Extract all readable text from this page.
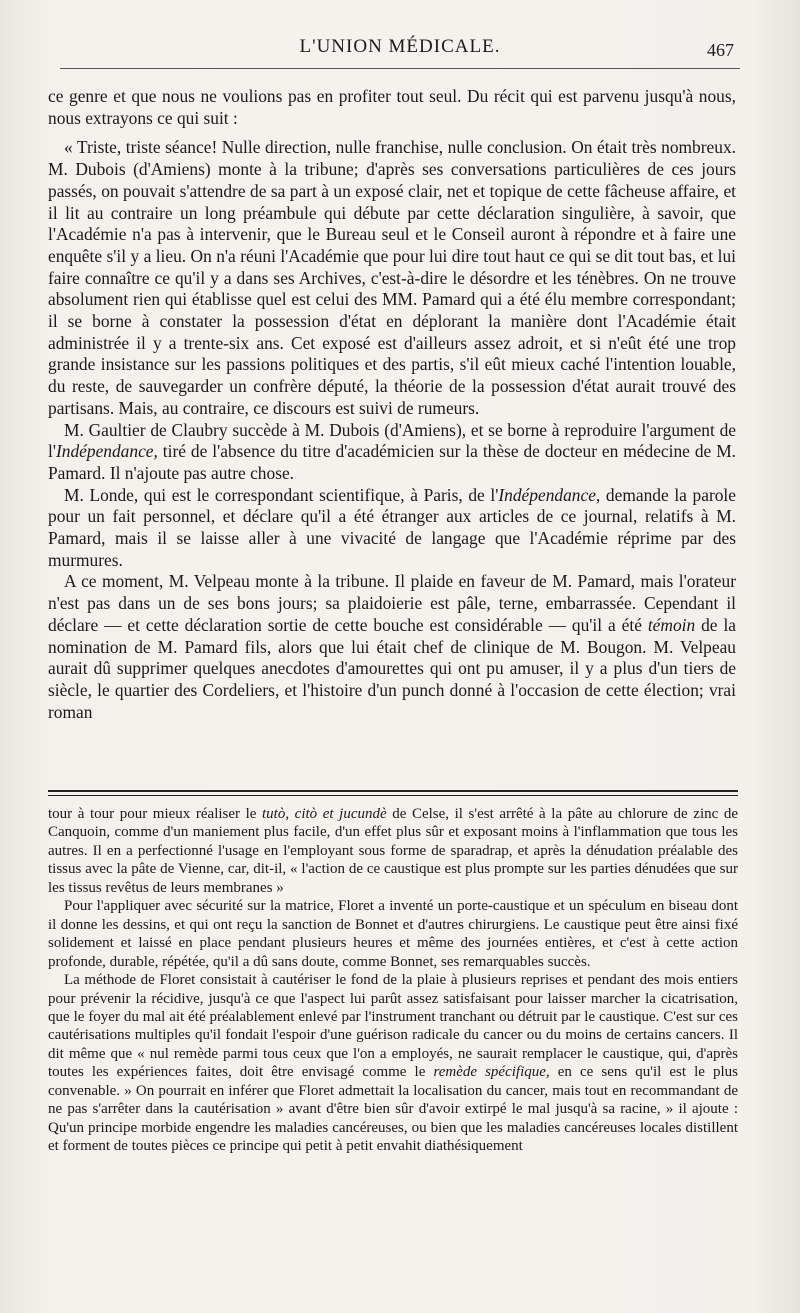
L'UNION MÉDICALE.	467

ce genre et que nous ne voulions pas en profiter tout seul. Du récit qui est parvenu jusqu'à nous, nous extrayons ce qui suit :

« Triste, triste séance! Nulle direction, nulle franchise, nulle conclusion. On était très nombreux. M. Dubois (d'Amiens) monte à la tribune; d'après ses conversations particulières de ces jours passés, on pouvait s'attendre de sa part à un exposé clair, net et topique de cette fâcheuse affaire, et il lit au contraire un long préambule qui débute par cette déclaration singulière, à savoir, que l'Académie n'a pas à intervenir, que le Bureau seul et le Conseil auront à répondre et à faire une enquête s'il y a lieu. On n'a réuni l'Académie que pour lui dire tout haut ce qui se dit tout bas, et lui faire connaître ce qu'il y a dans ses Archives, c'est-à-dire le désordre et les ténèbres. On ne trouve absolument rien qui établisse quel est celui des MM. Pamard qui a été élu membre correspondant; il se borne à constater la possession d'état en déplorant la manière dont l'Académie était administrée il y a trente-six ans. Cet exposé est d'ailleurs assez adroit, et si n'eût été une trop grande insistance sur les passions politiques et des partis, s'il eût mieux caché l'intention louable, du reste, de sauvegarder un confrère député, la théorie de la possession d'état aurait trouvé des partisans. Mais, au contraire, ce discours est suivi de rumeurs.

M. Gaultier de Claubry succède à M. Dubois (d'Amiens), et se borne à reproduire l'argument de l'Indépendance, tiré de l'absence du titre d'académicien sur la thèse de docteur en médecine de M. Pamard. Il n'ajoute pas autre chose.

M. Londe, qui est le correspondant scientifique, à Paris, de l'Indépendance, demande la parole pour un fait personnel, et déclare qu'il a été étranger aux articles de ce journal, relatifs à M. Pamard, mais il se laisse aller à une vivacité de langage que l'Académie réprime par des murmures.

A ce moment, M. Velpeau monte à la tribune. Il plaide en faveur de M. Pamard, mais l'orateur n'est pas dans un de ses bons jours; sa plaidoierie est pâle, terne, embarrassée. Cependant il déclare — et cette déclaration sortie de cette bouche est considérable — qu'il a été témoin de la nomination de M. Pamard fils, alors que lui était chef de clinique de M. Bougon. M. Velpeau aurait dû supprimer quelques anecdotes d'amourettes qui ont pu amuser, il y a plus d'un tiers de siècle, le quartier des Cordeliers, et l'histoire d'un punch donné à l'occasion de cette élection; vrai roman

tour à tour pour mieux réaliser le tutò, citò et jucundè de Celse, il s'est arrêté à la pâte au chlorure de zinc de Canquoin, comme d'un maniement plus facile, d'un effet plus sûr et exposant moins à l'inflammation que tous les autres. Il en a perfectionné l'usage en l'employant sous forme de sparadrap, et après la dénudation préalable des tissus avec la pâte de Vienne, car, dit-il, « l'action de ce caustique est plus prompte sur les parties dénudées que sur les tissus revêtus de leurs membranes »

Pour l'appliquer avec sécurité sur la matrice, Floret a inventé un porte-caustique et un spéculum en biseau dont il donne les dessins, et qui ont reçu la sanction de Bonnet et d'autres chirurgiens. Le caustique peut être ainsi fixé solidement et laissé en place pendant plusieurs heures et même des journées entières, et c'est à cette action profonde, durable, répétée, qu'il a dû sans doute, comme Bonnet, ses remarquables succès.

La méthode de Floret consistait à cautériser le fond de la plaie à plusieurs reprises et pendant des mois entiers pour prévenir la récidive, jusqu'à ce que l'aspect lui parût assez satisfaisant pour laisser marcher la cicatrisation, que le foyer du mal ait été préalablement enlevé par l'instrument tranchant ou détruit par le caustique. C'est sur ces cautérisations multiples qu'il fondait l'espoir d'une guérison radicale du cancer ou du moins de certains cancers. Il dit même que « nul remède parmi tous ceux que l'on a employés, ne saurait remplacer le caustique, qui, d'après toutes les expériences faites, doit être envisagé comme le remède spécifique, en ce sens qu'il est le plus convenable. » On pourrait en inférer que Floret admettait la localisation du cancer, mais tout en recommandant de ne pas s'arrêter dans la cautérisation » avant d'être bien sûr d'avoir extirpé le mal jusqu'à sa racine, » il ajoute : Qu'un principe morbide engendre les maladies cancéreuses, ou bien que les maladies cancéreuses locales distillent et forment de toutes pièces ce principe qui petit à petit envahit diathésiquement
